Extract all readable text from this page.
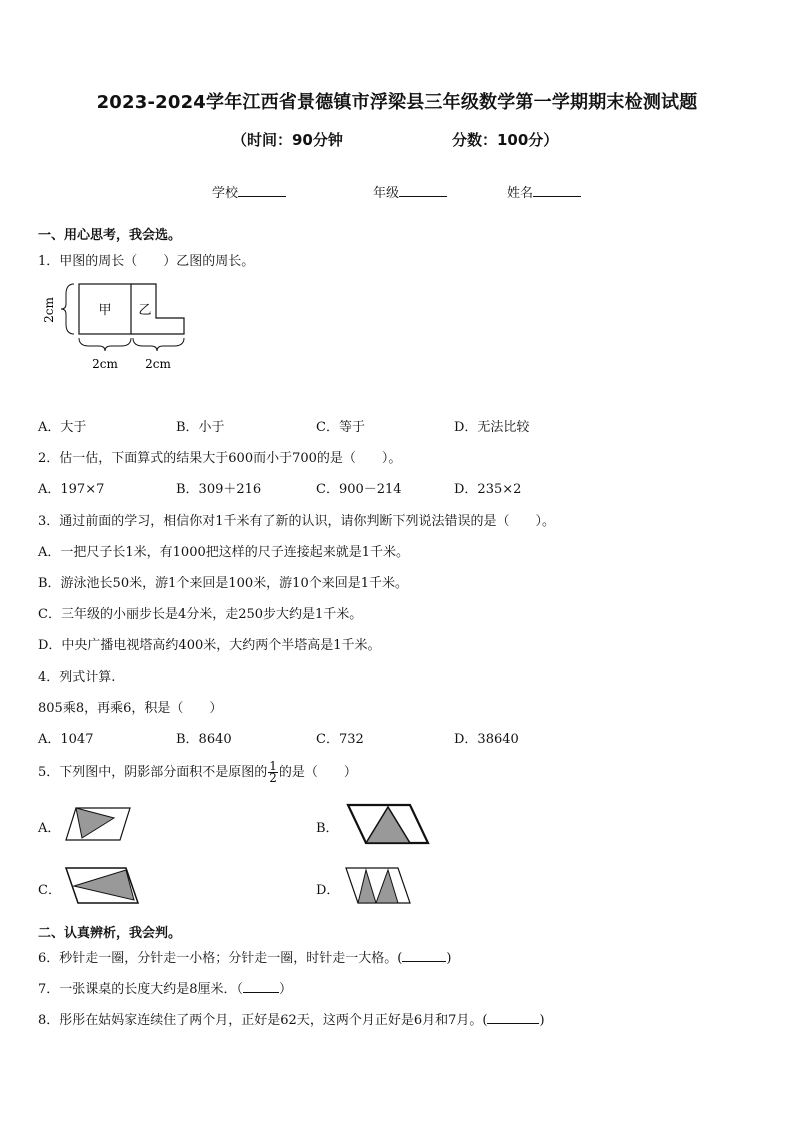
2023-2024学年江西省景德镇市浮梁县三年级数学第一学期期末检测试题
（时间：90分钟	分数：100分）
学校	年级	姓名
一、用心思考，我会选。
1．甲图的周长（　　）乙图的周长。
甲 乙
2cm
2cm 2cm
A．大于	B．小于	C．等于	D．无法比较
2．估一估，下面算式的结果大于600而小于700的是（　　）。
A．197×7	B．309＋216	C．900－214	D．235×2
3．通过前面的学习，相信你对1千米有了新的认识，请你判断下列说法错误的是（　　）。
A．一把尺子长1米，有1000把这样的尺子连接起来就是1千米。
B．游泳池长50米，游1个来回是100米，游10个来回是1千米。
C．三年级的小丽步长是4分米，走250步大约是1千米。
D．中央广播电视塔高约400米，大约两个半塔高是1千米。
4．列式计算.
805乘8，再乘6，积是（　　）
A．1047	B．8640	C．732	D．38640
5．下列图中，阴影部分面积不是原图的 $\frac{1}{2}$ 的是（　　）
A．	B．
C．	D．
二、认真辨析，我会判。
6．秒针走一圈，分针走一小格；分针走一圈，时针走一大格。(	)
7．一张课桌的长度大约是8厘米．（	）
8．彤彤在姑妈家连续住了两个月，正好是62天，这两个月正好是6月和7月。(	)
